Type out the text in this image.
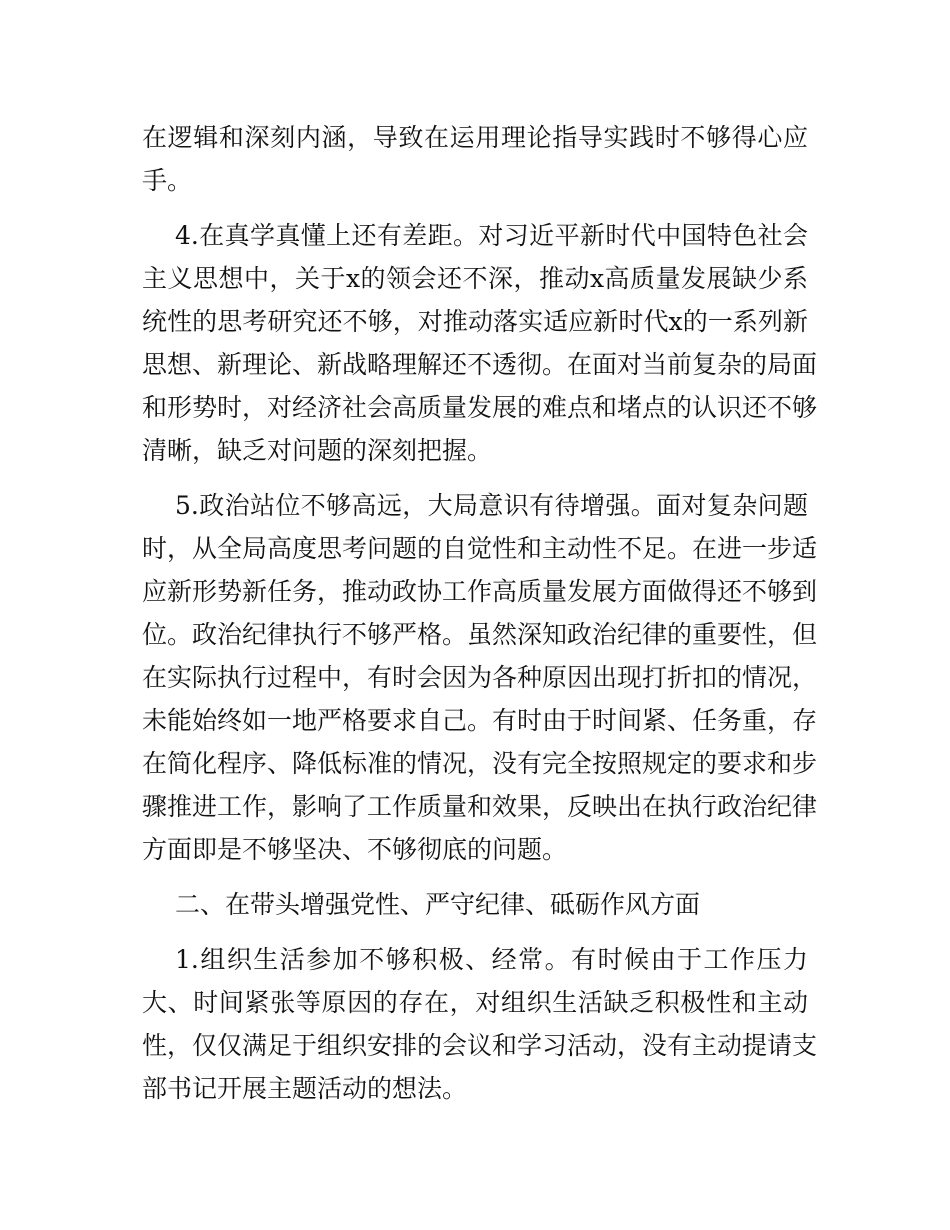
在逻辑和深刻内涵，导致在运用理论指导实践时不够得心应
手。
4.在真学真懂上还有差距。对习近平新时代中国特色社会
主义思想中，关于x的领会还不深，推动x高质量发展缺少系
统性的思考研究还不够，对推动落实适应新时代x的一系列新
思想、新理论、新战略理解还不透彻。在面对当前复杂的局面
和形势时，对经济社会高质量发展的难点和堵点的认识还不够
清晰，缺乏对问题的深刻把握。
5.政治站位不够高远，大局意识有待增强。面对复杂问题
时，从全局高度思考问题的自觉性和主动性不足。在进一步适
应新形势新任务，推动政协工作高质量发展方面做得还不够到
位。政治纪律执行不够严格。虽然深知政治纪律的重要性，但
在实际执行过程中，有时会因为各种原因出现打折扣的情况，
未能始终如一地严格要求自己。有时由于时间紧、任务重，存
在简化程序、降低标准的情况，没有完全按照规定的要求和步
骤推进工作，影响了工作质量和效果，反映出在执行政治纪律
方面即是不够坚决、不够彻底的问题。
二、在带头增强党性、严守纪律、砥砺作风方面
1.组织生活参加不够积极、经常。有时候由于工作压力
大、时间紧张等原因的存在，对组织生活缺乏积极性和主动
性，仅仅满足于组织安排的会议和学习活动，没有主动提请支
部书记开展主题活动的想法。
